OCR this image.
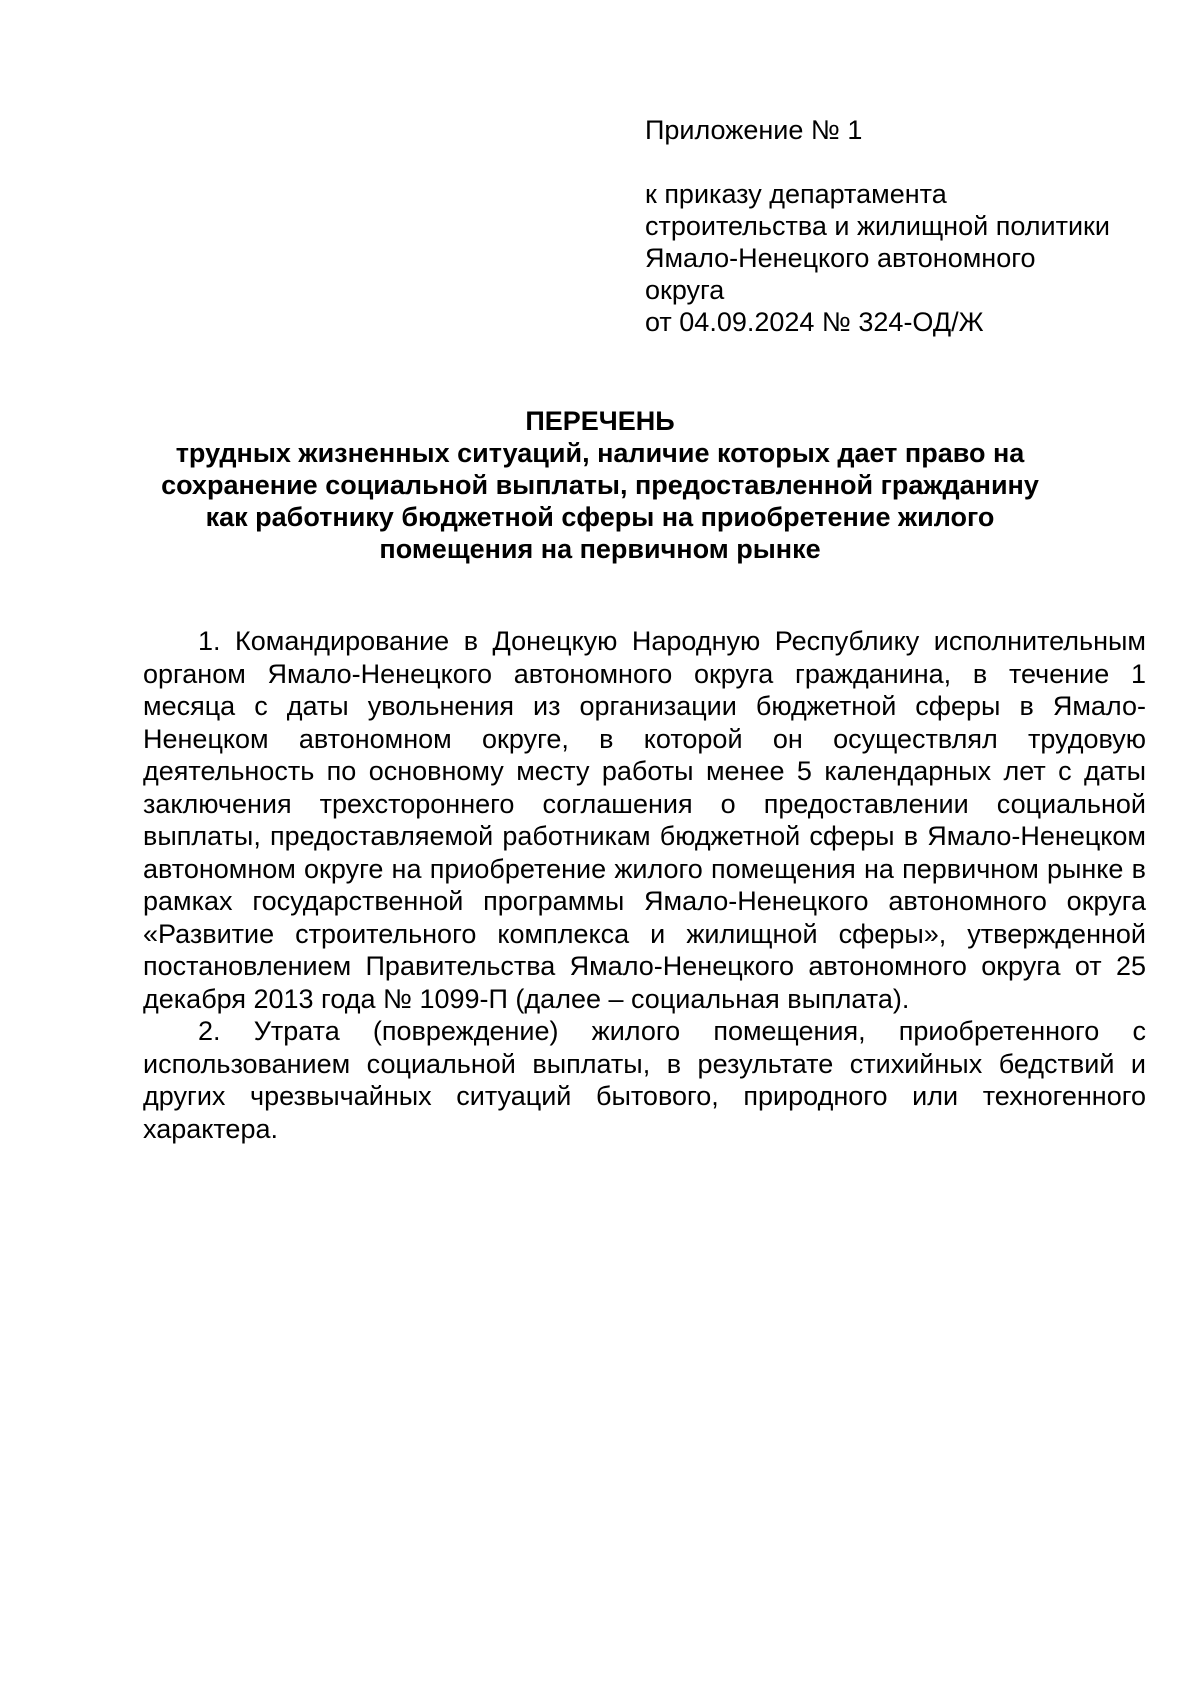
Приложение № 1
к приказу департамента
строительства и жилищной политики
Ямало-Ненецкого автономного
округа
от 04.09.2024 № 324-ОД/Ж
ПЕРЕЧЕНЬ
трудных жизненных ситуаций, наличие которых дает право на сохранение социальной выплаты, предоставленной гражданину как работнику бюджетной сферы на приобретение жилого помещения на первичном рынке

1. Командирование в Донецкую Народную Республику исполнительным органом Ямало-Ненецкого автономного округа гражданина, в течение 1 месяца с даты увольнения из организации бюджетной сферы в Ямало-Ненецком автономном округе, в которой он осуществлял трудовую деятельность по основному месту работы менее 5 календарных лет с даты заключения трехстороннего соглашения о предоставлении социальной выплаты, предоставляемой работникам бюджетной сферы в Ямало-Ненецком автономном округе на приобретение жилого помещения на первичном рынке в рамках государственной программы Ямало-Ненецкого автономного округа «Развитие строительного комплекса и жилищной сферы», утвержденной постановлением Правительства Ямало-Ненецкого автономного округа от 25 декабря 2013 года № 1099-П (далее – социальная выплата).

2. Утрата (повреждение) жилого помещения, приобретенного с использованием социальной выплаты, в результате стихийных бедствий и других чрезвычайных ситуаций бытового, природного или техногенного характера.
